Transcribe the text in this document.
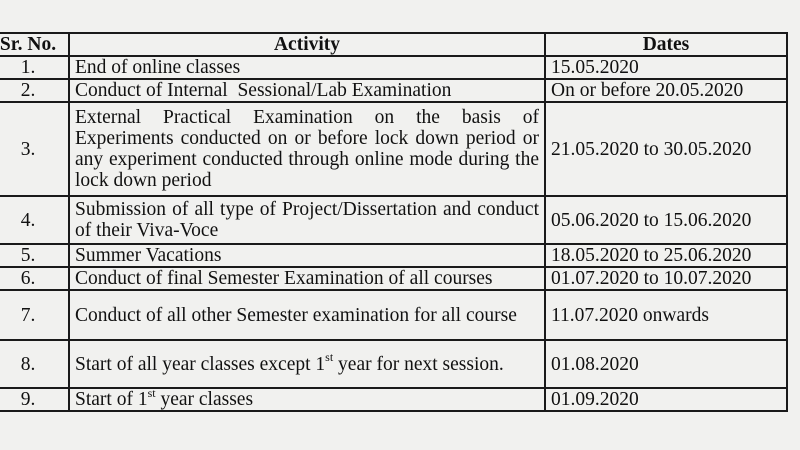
Sr. No.	Activity	Dates
1.	End of online classes	15.05.2020
2.	Conduct of Internal  Sessional/Lab Examination	On or before 20.05.2020
3.	External Practical Examination on the basis of Experiments conducted on or before lock down period or any experiment conducted through online mode during the lock down period	21.05.2020 to 30.05.2020
4.	Submission of all type of Project/Dissertation and conduct of their Viva-Voce	05.06.2020 to 15.06.2020
5.	Summer Vacations	18.05.2020 to 25.06.2020
6.	Conduct of final Semester Examination of all courses	01.07.2020 to 10.07.2020
7.	Conduct of all other Semester examination for all course	11.07.2020 onwards
8.	Start of all year classes except 1st year for next session.	01.08.2020
9.	Start of 1st year classes	01.09.2020
